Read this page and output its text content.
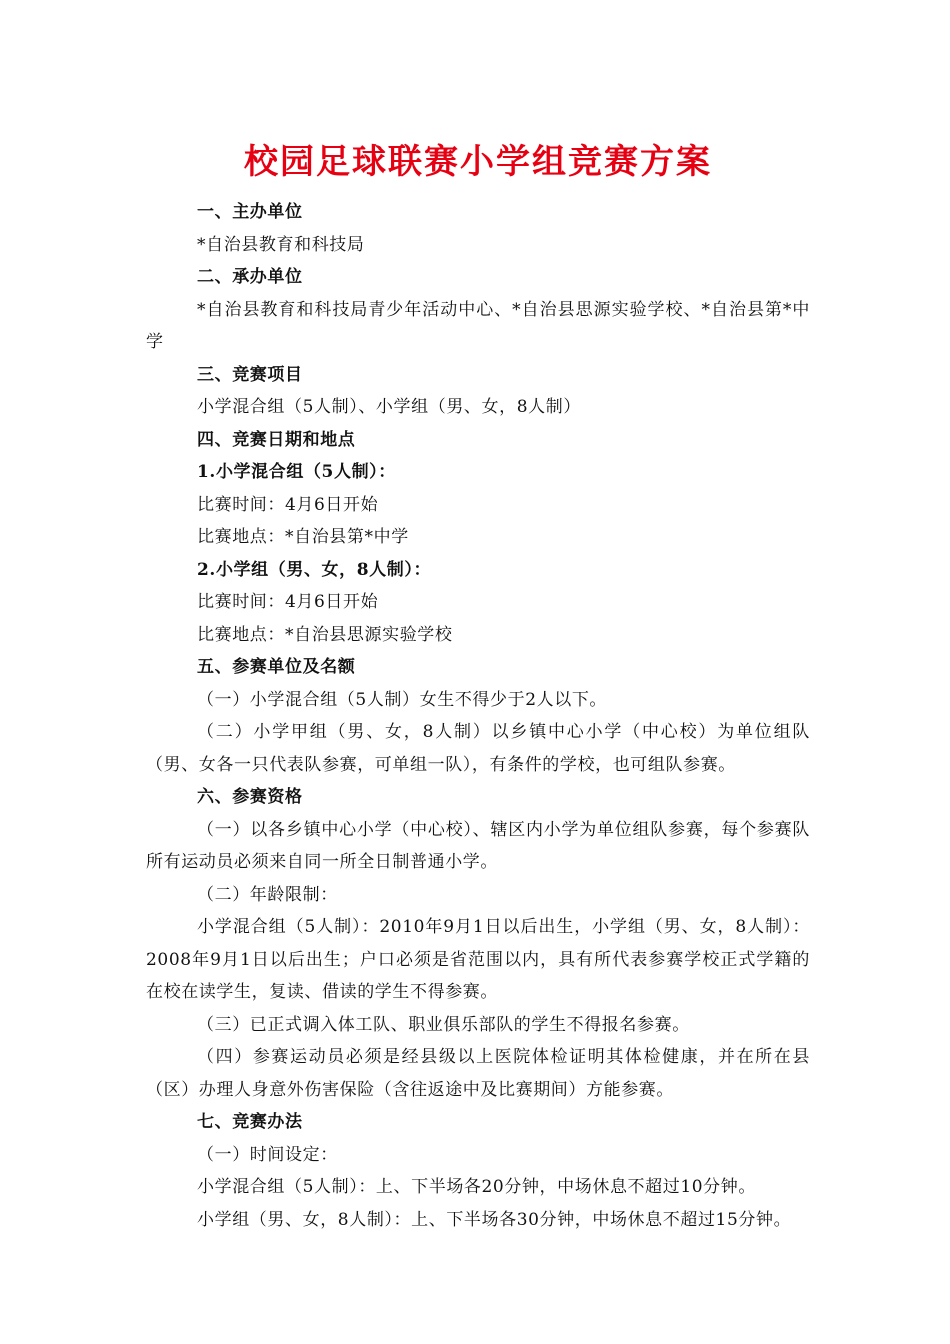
校园足球联赛小学组竞赛方案

一、主办单位

*自治县教育和科技局

二、承办单位

*自治县教育和科技局青少年活动中心、*自治县思源实验学校、*自治县第*中学

三、竞赛项目

小学混合组（5人制）、小学组（男、女，8人制）

四、竞赛日期和地点

1.小学混合组（5人制）：

比赛时间：4月6日开始

比赛地点：*自治县第*中学

2.小学组（男、女，8人制）：

比赛时间：4月6日开始

比赛地点：*自治县思源实验学校

五、参赛单位及名额

（一）小学混合组（5人制）女生不得少于2人以下。

（二）小学甲组（男、女，8人制）以乡镇中心小学（中心校）为单位组队（男、女各一只代表队参赛，可单组一队），有条件的学校，也可组队参赛。

六、参赛资格

（一）以各乡镇中心小学（中心校）、辖区内小学为单位组队参赛，每个参赛队所有运动员必须来自同一所全日制普通小学。

（二）年龄限制：

小学混合组（5人制）：2010年9月1日以后出生，小学组（男、女，8人制）：2008年9月1日以后出生；户口必须是省范围以内，具有所代表参赛学校正式学籍的在校在读学生，复读、借读的学生不得参赛。

（三）已正式调入体工队、职业俱乐部队的学生不得报名参赛。

（四）参赛运动员必须是经县级以上医院体检证明其体检健康，并在所在县（区）办理人身意外伤害保险（含往返途中及比赛期间）方能参赛。

七、竞赛办法

（一）时间设定：

小学混合组（5人制）：上、下半场各20分钟，中场休息不超过10分钟。

小学组（男、女，8人制）：上、下半场各30分钟，中场休息不超过15分钟。
